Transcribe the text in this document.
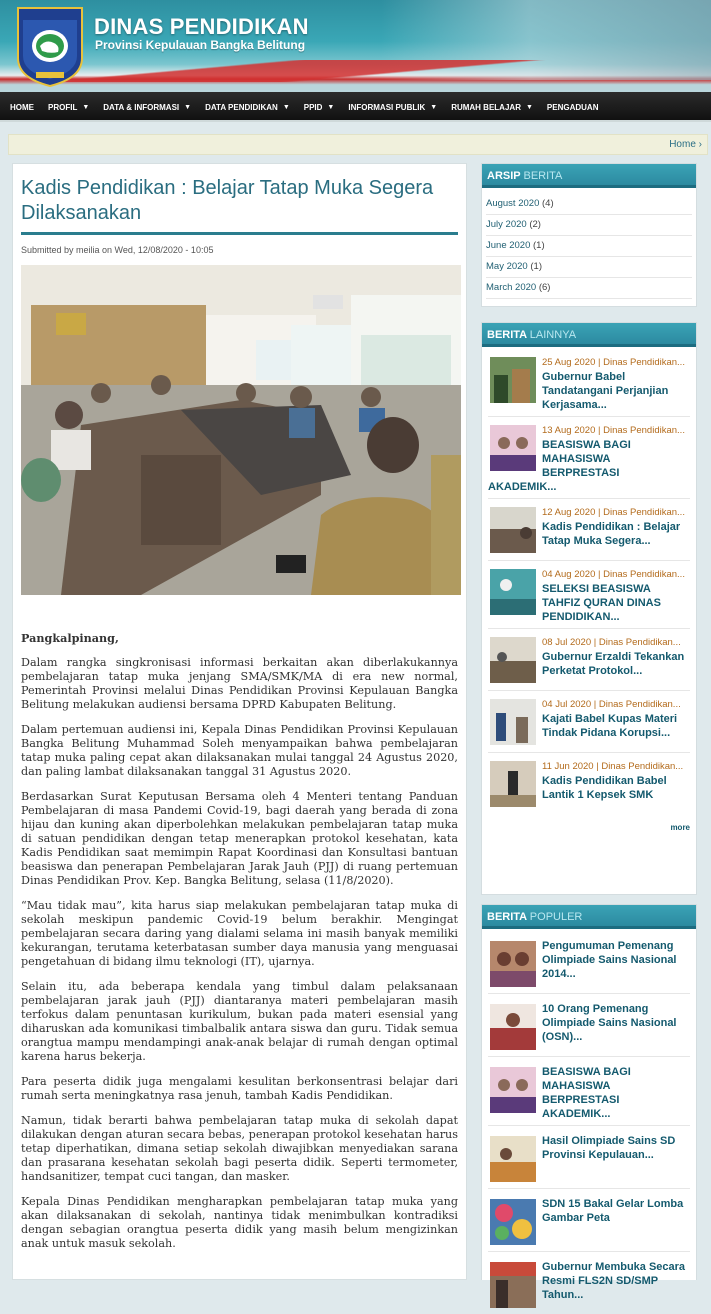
DINAS PENDIDIKAN
Provinsi Kepulauan Bangka Belitung
HOME PROFIL ▼ DATA & INFORMASI ▼ DATA PENDIDIKAN ▼ PPID ▼ INFORMASI PUBLIK ▼ RUMAH BELAJAR ▼ PENGADUAN
Home ›
Kadis Pendidikan : Belajar Tatap Muka Segera Dilaksanakan
Submitted by meilia on Wed, 12/08/2020 - 10:05

Pangkalpinang,

Dalam rangka singkronisasi informasi berkaitan akan diberlakukannya pembelajaran tatap muka jenjang SMA/SMK/MA di era new normal, Pemerintah Provinsi melalui Dinas Pendidikan Provinsi Kepulauan Bangka Belitung melakukan audiensi bersama DPRD Kabupaten Belitung.

Dalam pertemuan audiensi ini, Kepala Dinas Pendidikan Provinsi Kepulauan Bangka Belitung Muhammad Soleh menyampaikan bahwa pembelajaran tatap muka paling cepat akan dilaksanakan mulai tanggal 24 Agustus 2020, dan paling lambat dilaksanakan tanggal 31 Agustus 2020.

Berdasarkan Surat Keputusan Bersama oleh 4 Menteri tentang Panduan Pembelajaran di masa Pandemi Covid-19, bagi daerah yang berada di zona hijau dan kuning akan diperbolehkan melakukan pembelajaran tatap muka di satuan pendidikan dengan tetap menerapkan protokol kesehatan, kata Kadis Pendidikan saat memimpin Rapat Koordinasi dan Konsultasi bantuan beasiswa dan penerapan Pembelajaran Jarak Jauh (PJJ) di ruang pertemuan Dinas Pendidikan Prov. Kep. Bangka Belitung, selasa (11/8/2020).

“Mau tidak mau”, kita harus siap melakukan pembelajaran tatap muka di sekolah meskipun pandemic Covid-19 belum berakhir. Mengingat pembelajaran secara daring yang dialami selama ini masih banyak memiliki kekurangan, terutama keterbatasan sumber daya manusia yang menguasai pengetahuan di bidang ilmu teknologi (IT), ujarnya.

Selain itu, ada beberapa kendala yang timbul dalam pelaksanaan pembelajaran jarak jauh (PJJ) diantaranya materi pembelajaran masih terfokus dalam penuntasan kurikulum, bukan pada materi esensial yang diharuskan ada komunikasi timbalbalik antara siswa dan guru. Tidak semua orangtua mampu mendampingi anak-anak belajar di rumah dengan optimal karena harus bekerja.

Para peserta didik juga mengalami kesulitan berkonsentrasi belajar dari rumah serta meningkatnya rasa jenuh, tambah Kadis Pendidikan.

Namun, tidak berarti bahwa pembelajaran tatap muka di sekolah dapat dilakukan dengan aturan secara bebas, penerapan protokol kesehatan harus tetap diperhatikan, dimana setiap sekolah diwajibkan menyediakan sarana dan prasarana kesehatan sekolah bagi peserta didik. Seperti termometer, handsanitizer, tempat cuci tangan, dan masker.

Kepala Dinas Pendidikan mengharapkan pembelajaran tatap muka yang akan dilaksanakan di sekolah, nantinya tidak menimbulkan kontradiksi dengan sebagian orangtua peserta didik yang masih belum mengizinkan anak untuk masuk sekolah.

ARSIP BERITA
August 2020 (4)
July 2020 (2)
June 2020 (1)
May 2020 (1)
March 2020 (6)
BERITA LAINNYA
25 Aug 2020 | Dinas Pendidikan...
Gubernur Babel Tandatangani Perjanjian Kerjasama...
13 Aug 2020 | Dinas Pendidikan...
BEASISWA BAGI MAHASISWA BERPRESTASI AKADEMIK...
12 Aug 2020 | Dinas Pendidikan...
Kadis Pendidikan : Belajar Tatap Muka Segera...
04 Aug 2020 | Dinas Pendidikan...
SELEKSI BEASISWA TAHFIZ QURAN DINAS PENDIDIKAN...
08 Jul 2020 | Dinas Pendidikan...
Gubernur Erzaldi Tekankan Perketat Protokol...
04 Jul 2020 | Dinas Pendidikan...
Kajati Babel Kupas Materi Tindak Pidana Korupsi...
11 Jun 2020 | Dinas Pendidikan...
Kadis Pendidikan Babel Lantik 1 Kepsek SMK
more
BERITA POPULER
Pengumuman Pemenang Olimpiade Sains Nasional 2014...
10 Orang Pemenang Olimpiade Sains Nasional (OSN)...
BEASISWA BAGI MAHASISWA BERPRESTASI AKADEMIK...
Hasil Olimpiade Sains SD Provinsi Kepulauan...
SDN 15 Bakal Gelar Lomba Gambar Peta
Gubernur Membuka Secara Resmi FLS2N SD/SMP Tahun...
